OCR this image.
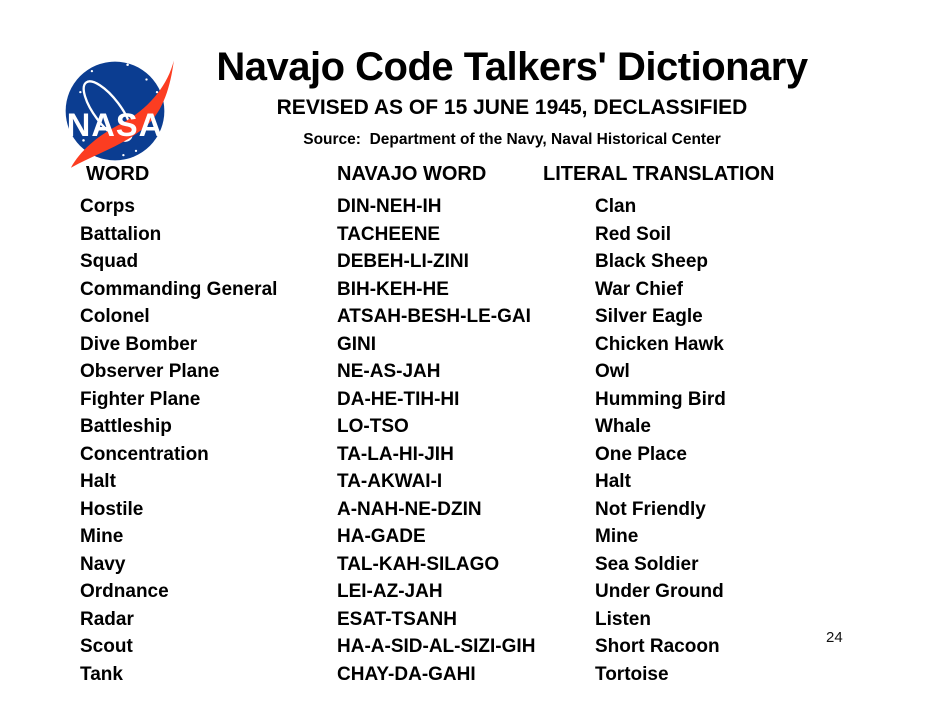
NASA
Navajo Code Talkers' Dictionary
REVISED AS OF 15 JUNE 1945, DECLASSIFIED
Source:  Department of the Navy, Naval Historical Center
WORD	NAVAJO WORD	LITERAL TRANSLATION
Corps	DIN-NEH-IH	Clan
Battalion	TACHEENE	Red Soil
Squad	DEBEH-LI-ZINI	Black Sheep
Commanding General	BIH-KEH-HE	War Chief
Colonel	ATSAH-BESH-LE-GAI	Silver Eagle
Dive Bomber	GINI	Chicken Hawk
Observer Plane	NE-AS-JAH	Owl
Fighter Plane	DA-HE-TIH-HI	Humming Bird
Battleship	LO-TSO	Whale
Concentration	TA-LA-HI-JIH	One Place
Halt	TA-AKWAI-I	Halt
Hostile	A-NAH-NE-DZIN	Not Friendly
Mine	HA-GADE	Mine
Navy	TAL-KAH-SILAGO	Sea Soldier
Ordnance	LEI-AZ-JAH	Under Ground
Radar	ESAT-TSANH	Listen
Scout	HA-A-SID-AL-SIZI-GIH	Short Racoon
Tank	CHAY-DA-GAHI	Tortoise
24
